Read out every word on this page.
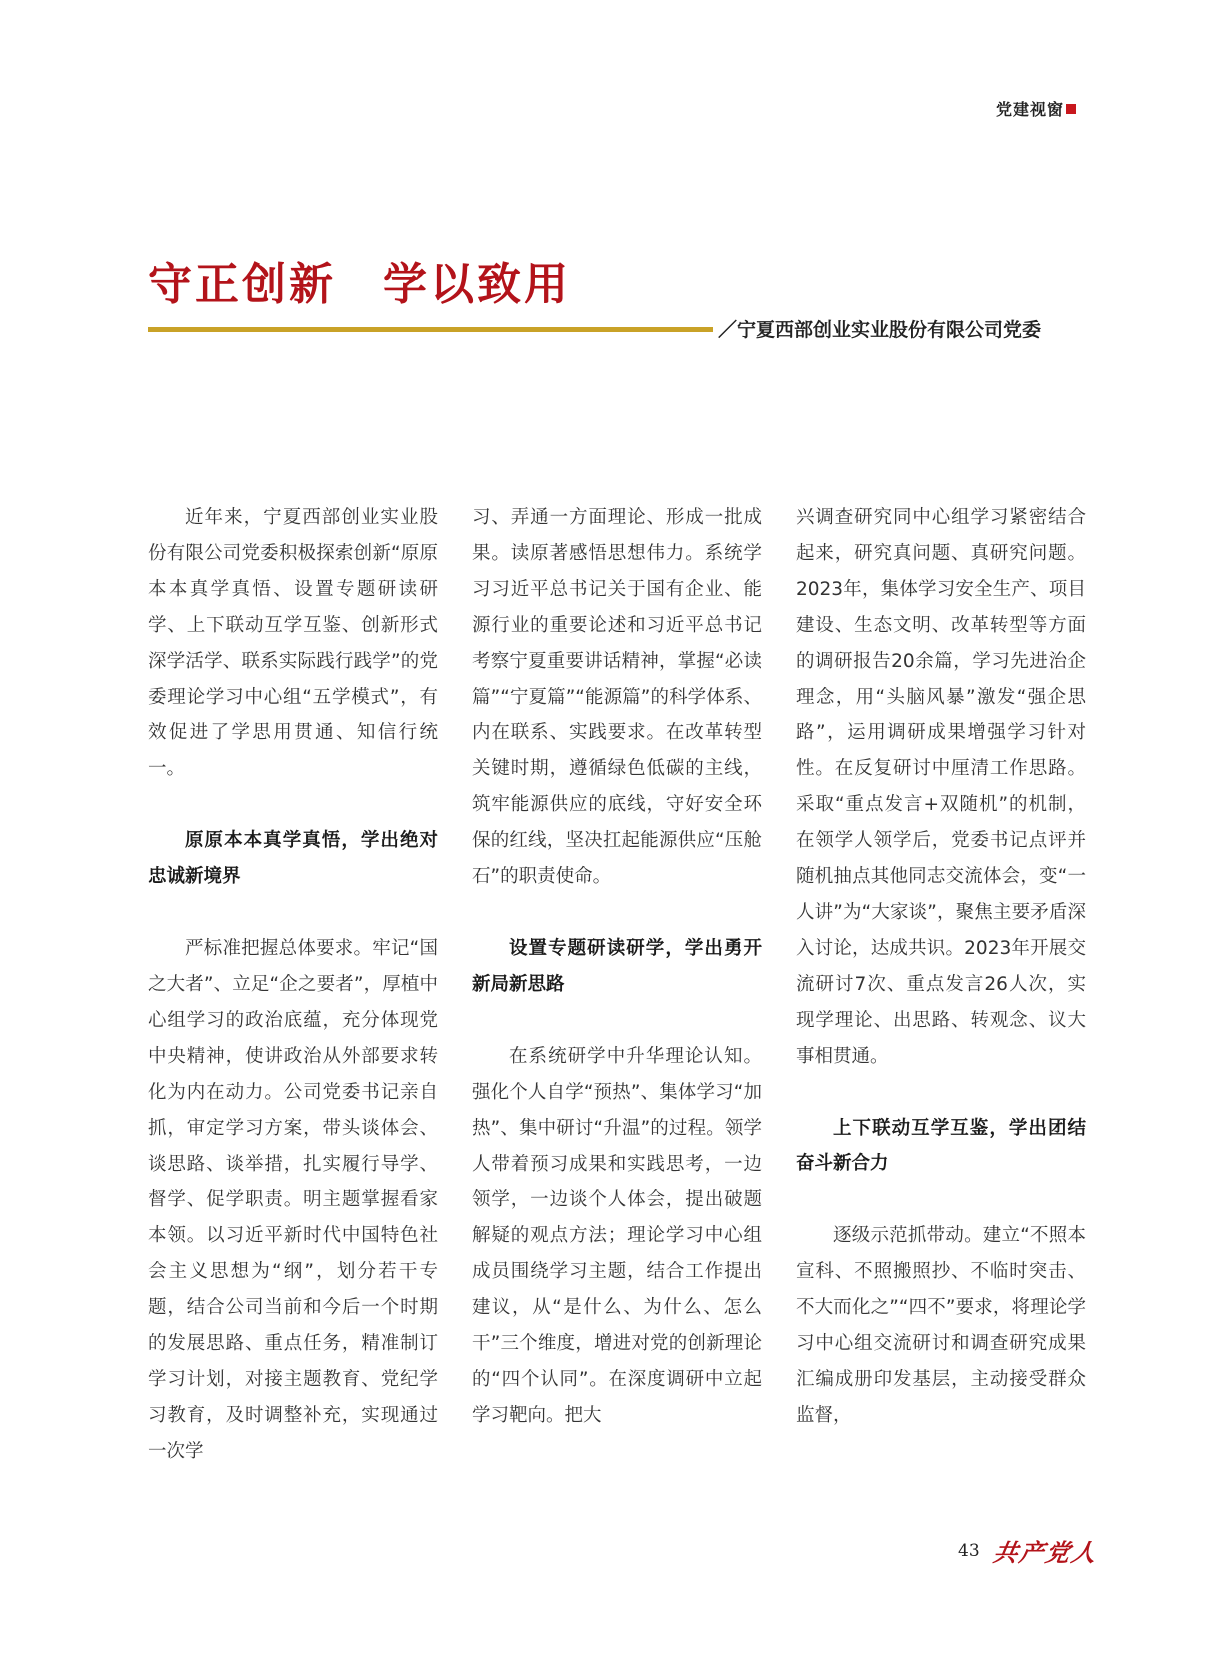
党建视窗
守正创新　学以致用
／宁夏西部创业实业股份有限公司党委

近年来，宁夏西部创业实业股份有限公司党委积极探索创新“原原本本真学真悟、设置专题研读研学、上下联动互学互鉴、创新形式深学活学、联系实际践行践学”的党委理论学习中心组“五学模式”，有效促进了学思用贯通、知信行统一。

原原本本真学真悟，学出绝对忠诚新境界

严标准把握总体要求。牢记“国之大者”、立足“企之要者”，厚植中心组学习的政治底蕴，充分体现党中央精神，使讲政治从外部要求转化为内在动力。公司党委书记亲自抓，审定学习方案，带头谈体会、谈思路、谈举措，扎实履行导学、督学、促学职责。明主题掌握看家本领。以习近平新时代中国特色社会主义思想为“纲”，划分若干专题，结合公司当前和今后一个时期的发展思路、重点任务，精准制订学习计划，对接主题教育、党纪学习教育，及时调整补充，实现通过一次学

习、弄通一方面理论、形成一批成果。读原著感悟思想伟力。系统学习习近平总书记关于国有企业、能源行业的重要论述和习近平总书记考察宁夏重要讲话精神，掌握“必读篇”“宁夏篇”“能源篇”的科学体系、内在联系、实践要求。在改革转型关键时期，遵循绿色低碳的主线，筑牢能源供应的底线，守好安全环保的红线，坚决扛起能源供应“压舱石”的职责使命。

设置专题研读研学，学出勇开新局新思路

在系统研学中升华理论认知。强化个人自学“预热”、集体学习“加热”、集中研讨“升温”的过程。领学人带着预习成果和实践思考，一边领学，一边谈个人体会，提出破题解疑的观点方法；理论学习中心组成员围绕学习主题，结合工作提出建议，从“是什么、为什么、怎么干”三个维度，增进对党的创新理论的“四个认同”。在深度调研中立起学习靶向。把大

兴调查研究同中心组学习紧密结合起来，研究真问题、真研究问题。2023年，集体学习安全生产、项目建设、生态文明、改革转型等方面的调研报告20余篇，学习先进治企理念，用“头脑风暴”激发“强企思路”，运用调研成果增强学习针对性。在反复研讨中厘清工作思路。采取“重点发言+双随机”的机制，在领学人领学后，党委书记点评并随机抽点其他同志交流体会，变“一人讲”为“大家谈”，聚焦主要矛盾深入讨论，达成共识。2023年开展交流研讨7次、重点发言26人次，实现学理论、出思路、转观念、议大事相贯通。

上下联动互学互鉴，学出团结奋斗新合力

逐级示范抓带动。建立“不照本宣科、不照搬照抄、不临时突击、不大而化之”“四不”要求，将理论学习中心组交流研讨和调查研究成果汇编成册印发基层，主动接受群众监督，

43 共产党人
